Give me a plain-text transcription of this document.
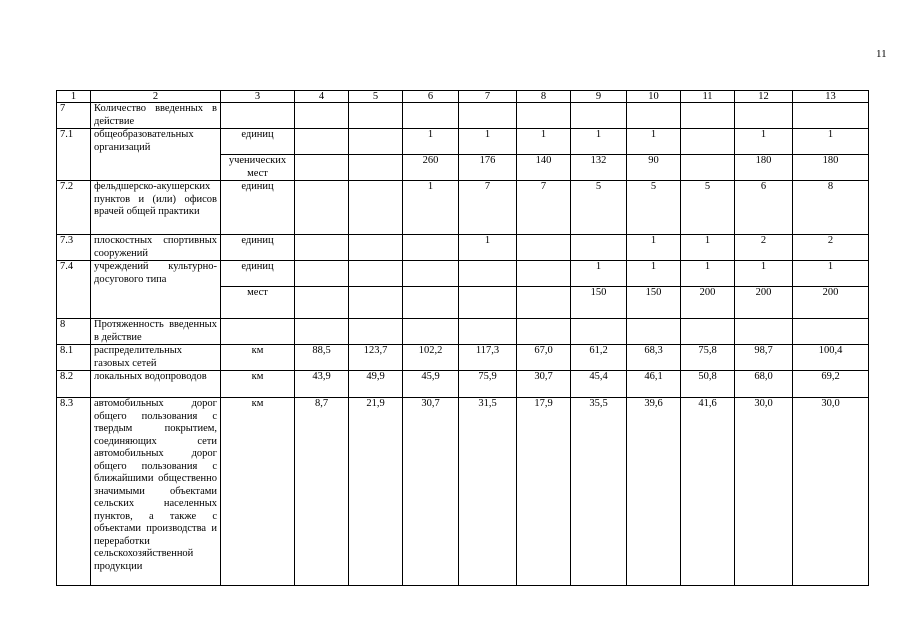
11
1	2	3	4	5	6	7	8	9	10	11	12	13
7	Количество введенных в действие											
7.1	общеобразовательных организаций	единиц			1	1	1	1	1		1	1
		ученических мест			260	176	140	132	90		180	180
7.2	фельдшерско-акушерских пунктов и (или) офисов врачей общей практики	единиц			1	7	7	5	5	5	6	8
7.3	плоскостных спортивных сооружений	единиц				1			1	1	2	2
7.4	учреждений культурно-досугового типа	единиц						1	1	1	1	1
		мест						150	150	200	200	200
8	Протяженность введенных в действие											
8.1	распределительных газовых сетей	км	88,5	123,7	102,2	117,3	67,0	61,2	68,3	75,8	98,7	100,4
8.2	локальных водопроводов	км	43,9	49,9	45,9	75,9	30,7	45,4	46,1	50,8	68,0	69,2
8.3	автомобильных дорог общего пользования с твердым покрытием, соединяющих сети автомобильных дорог общего пользования с ближайшими общественно значимыми объектами сельских населенных пунктов, а также с объектами производства и переработки сельскохозяйственной продукции	км	8,7	21,9	30,7	31,5	17,9	35,5	39,6	41,6	30,0	30,0
